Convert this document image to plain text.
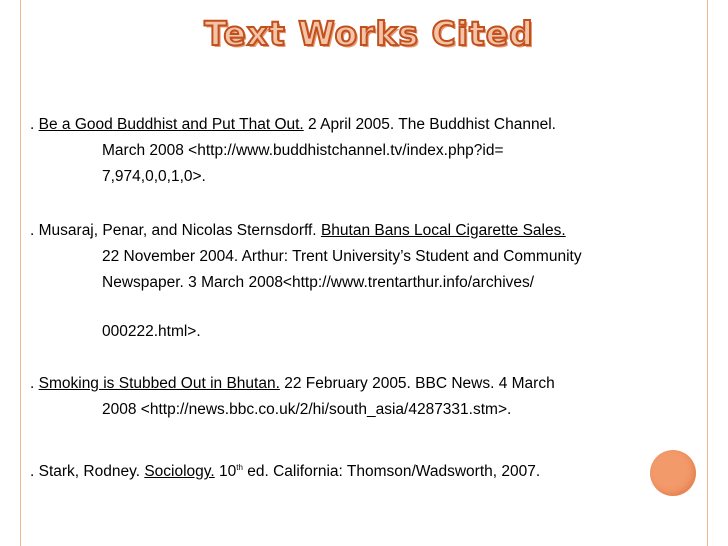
Text Works Cited
. Be a Good Buddhist and Put That Out. 2 April 2005. The Buddhist Channel.
March 2008 <http://www.buddhistchannel.tv/index.php?id=
7,974,0,0,1,0>.
. Musaraj, Penar, and Nicolas Sternsdorff. Bhutan Bans Local Cigarette Sales.
22 November 2004. Arthur: Trent University’s Student and Community
Newspaper. 3 March 2008<http://www.trentarthur.info/archives/
000222.html>.
. Smoking is Stubbed Out in Bhutan. 22 February 2005. BBC News. 4 March
2008 <http://news.bbc.co.uk/2/hi/south_asia/4287331.stm>.
. Stark, Rodney. Sociology. 10th ed. California: Thomson/Wadsworth, 2007.
